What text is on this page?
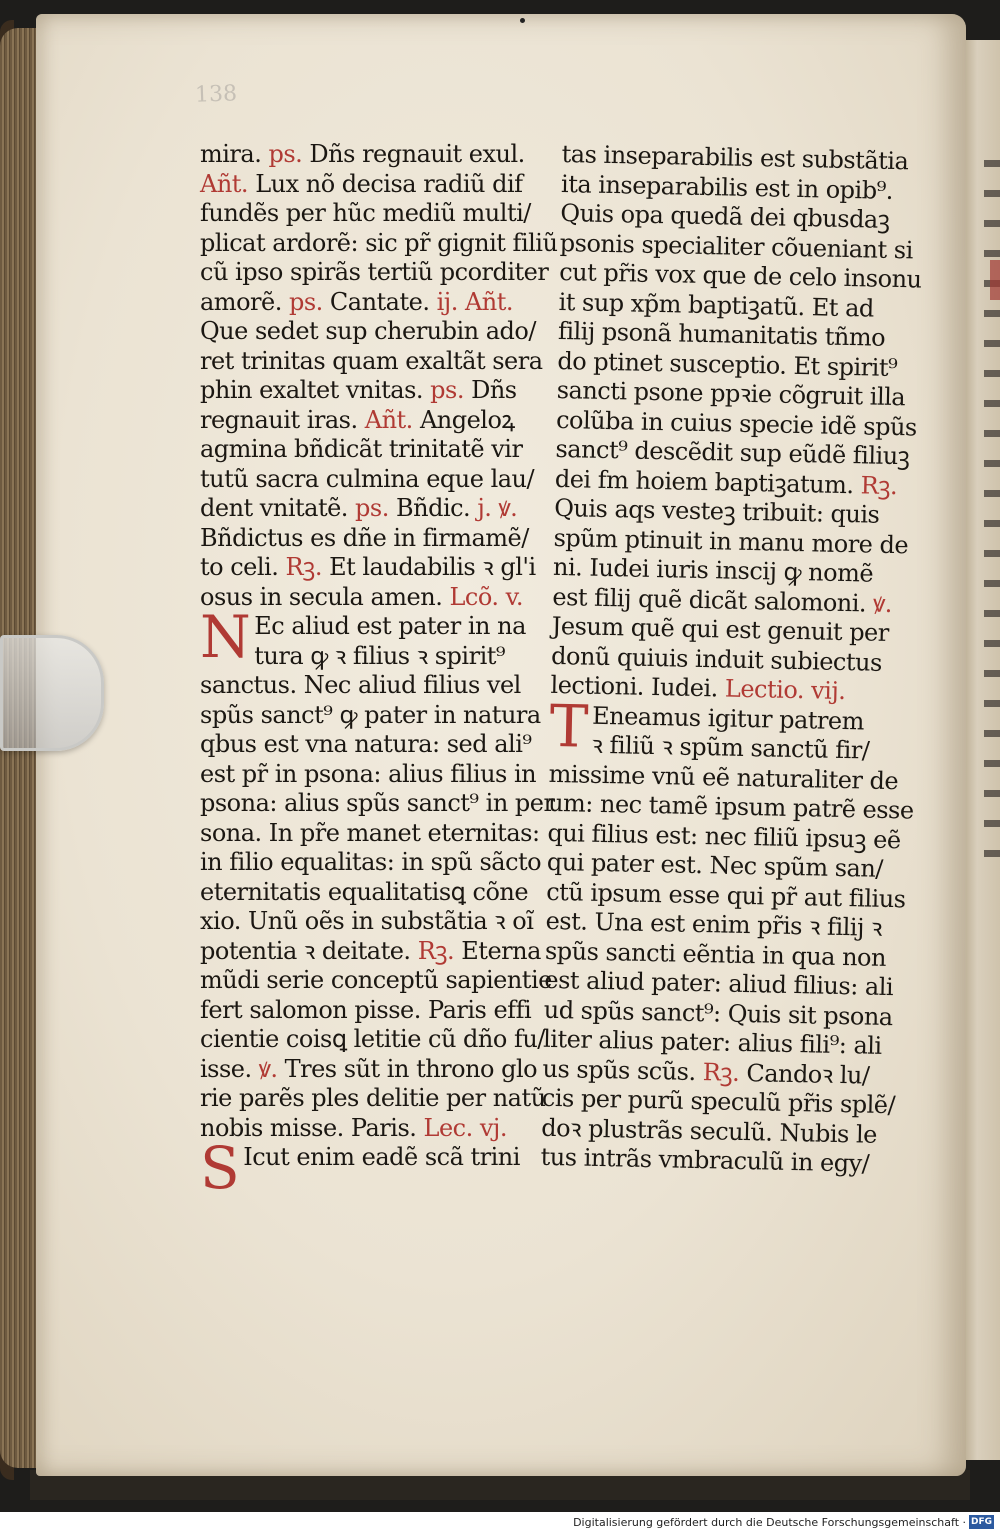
138
mira. ps. Dñs regnauit exul.
Añt. Lux nõ decisa radiũ dif
fundẽs per hũc mediũ multi/
plicat ardorẽ: sic pr̃ gignit filiũ
cũ ipso spirãs tertiũ pcorditer
amorẽ. ps. Cantate. ij. Añt.
Que sedet sup cherubin ado/
ret trinitas quam exaltãt sera
phin exaltet vnitas. ps. Dñs
regnauit iras. Añt. Angeloꝝ
agmina bñdicãt trinitatẽ vir
tutũ sacra culmina eque lau/
dent vnitatẽ. ps. Bñdic. j. ꝟ.
Bñdictus es dñe in firmamẽ/
to celi. Rꝫ. Et laudabilis ꝛ gl'i
osus in secula amen. Lcõ. v.
N Ec aliud est pater in na
tura ꝙ ꝛ filius ꝛ spirit⁹
sanctus. Nec aliud filius vel
spũs sanct⁹ ꝙ pater in natura
qbus est vna natura: sed ali⁹
est pr̃ in psona: alius filius in
psona: alius spũs sanct⁹ in per
sona. In pr̃e manet eternitas:
in filio equalitas: in spũ sãcto
eternitatis equalitatisꝗ cõne
xio. Unũ oẽs in substãtia ꝛ oĩ
potentia ꝛ deitate. Rꝫ. Eterna
mũdi serie conceptũ sapientie
fert salomon pisse. Paris effi
cientie coisꝗ letitie cũ dño fu/
isse. ꝟ. Tres sũt in throno glo
rie parẽs ples delitie per natũ
nobis misse. Paris. Lec. vj.
S Icut enim eadẽ scã trini
tas inseparabilis est substãtia
ita inseparabilis est in opib⁹.
Quis opa quedã dei qbusdaꝫ
psonis specialiter cõueniant si
cut pr̃is vox que de celo insonu
it sup xp̃m baptiꝫatũ. Et ad
filij psonã humanitatis tñmo
do ptinet susceptio. Et spirit⁹
sancti psone ppꝛie cõgruit illa
colũba in cuius specie idẽ spũs
sanct⁹ descẽdit sup eũdẽ filiuꝫ
dei fm hoiem baptiꝫatum. Rꝫ.
Quis aqs vesteꝫ tribuit: quis
spũm ptinuit in manu more de
ni. Iudei iuris inscij ꝙ nomẽ
est filij quẽ dicãt salomoni. ꝟ.
Jesum quẽ qui est genuit per
donũ quiuis induit subiectus
lectioni. Iudei. Lectio. vij.
T Eneamus igitur patrem
ꝛ filiũ ꝛ spũm sanctũ fir/
missime vnũ eẽ naturaliter de
um: nec tamẽ ipsum patrẽ esse
qui filius est: nec filiũ ipsuꝫ eẽ
qui pater est. Nec spũm san/
ctũ ipsum esse qui pr̃ aut filius
est. Una est enim pr̃is ꝛ filij ꝛ
spũs sancti eẽntia in qua non
est aliud pater: aliud filius: ali
ud spũs sanct⁹: Quis sit psona
liter alius pater: alius fili⁹: ali
us spũs scũs. Rꝫ. Candoꝛ lu/
cis per purũ speculũ pr̃is splẽ/
doꝛ plustrãs seculũ. Nubis le
tus intrãs vmbraculũ in egy/
Digitalisierung gefördert durch die Deutsche Forschungsgemeinschaft · DFG
